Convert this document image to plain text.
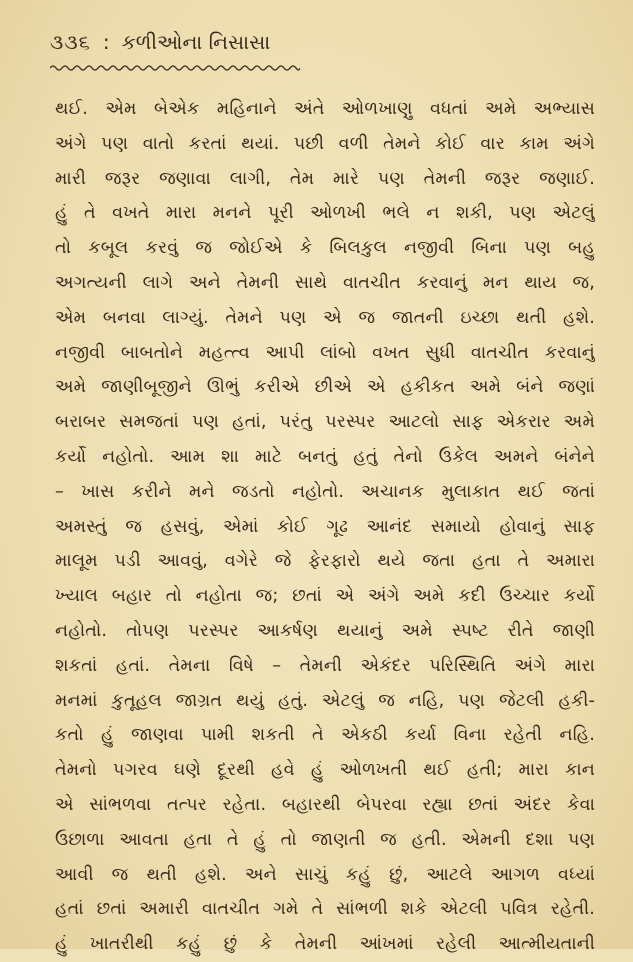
૩૩૬ : કળીઓના નિસાસા
થઈ. એમ બેએક મહિનાને અંતે ઓળખાણુ વધતાં અમે અભ્યાસ
અંગે પણ વાતો કરતાં થયાં. પછી વળી તેમને કોઈ વાર કામ અંગે
મારી જરૂર જણાવા લાગી, તેમ મારે પણ તેમની જરૂર જણાઈ.
હું તે વખતે મારા મનને પૂરી ઓળખી ભલે ન શકી, પણ એટલું
તો કબૂલ કરવું જ જોઈએ કે બિલકુલ નજીવી બિના પણ બહુ
અગત્યની લાગે અને તેમની સાથે વાતચીત કરવાનું મન થાય જ,
એમ બનવા લાગ્યું. તેમને પણ એ જ જાતની ઇચ્છા થતી હશે.
નજીવી બાબતોને મહત્ત્વ આપી લાંબો વખત સુધી વાતચીત કરવાનું
અમે જાણીબૂજીને ઊભું કરીએ છીએ એ હકીકત અમે બંને જણાં
બરાબર સમજતાં પણ હતાં, પરંતુ પરસ્પર આટલો સાફ એકરાર અમે
કર્યો નહોતો. આમ શા માટે બનતું હતું તેનો ઉકેલ અમને બંનેને
– ખાસ કરીને મને જડતો નહોતો. અચાનક મુલાકાત થઈ જતાં
અમસ્તું જ હસવું, એમાં કોઈ ગૂઢ આનંદ સમાયો હોવાનું સાફ
માલૂમ પડી આવવું, વગેરે જે ફેરફારો થયે જતા હતા તે અમારા
ખ્યાલ બહાર તો નહોતા જ; છતાં એ અંગે અમે કદી ઉચ્ચાર કર્યો
નહોતો. તોપણ પરસ્પર આકર્ષણ થયાનું અમે સ્પષ્ટ રીતે જાણી
શકતાં હતાં. તેમના વિષે – તેમની એકંદર પરિસ્થિતિ અંગે મારા
મનમાં કુતૂહલ જાગ્રત થયું હતું. એટલું જ નહિ, પણ જેટલી હકી-
કતો હું જાણવા પામી શકતી તે એકઠી કર્યા વિના રહેતી નહિ.
તેમનો પગરવ ઘણે દૂરથી હવે હું ઓળખતી થઈ હતી; મારા કાન
એ સાંભળવા તત્પર રહેતા. બહારથી બેપરવા રહ્યા છતાં અંદર કેવા
ઉછાળા આવતા હતા તે હું તો જાણતી જ હતી. એમની દશા પણ
આવી જ થતી હશે. અને સાચું કહું છું, આટલે આગળ વધ્યાં
હતાં છતાં અમારી વાતચીત ગમે તે સાંભળી શકે એટલી પવિત્ર રહેતી.
હું ખાતરીથી કહું છું કે તેમની આંખમાં રહેલી આત્મીયતાની
